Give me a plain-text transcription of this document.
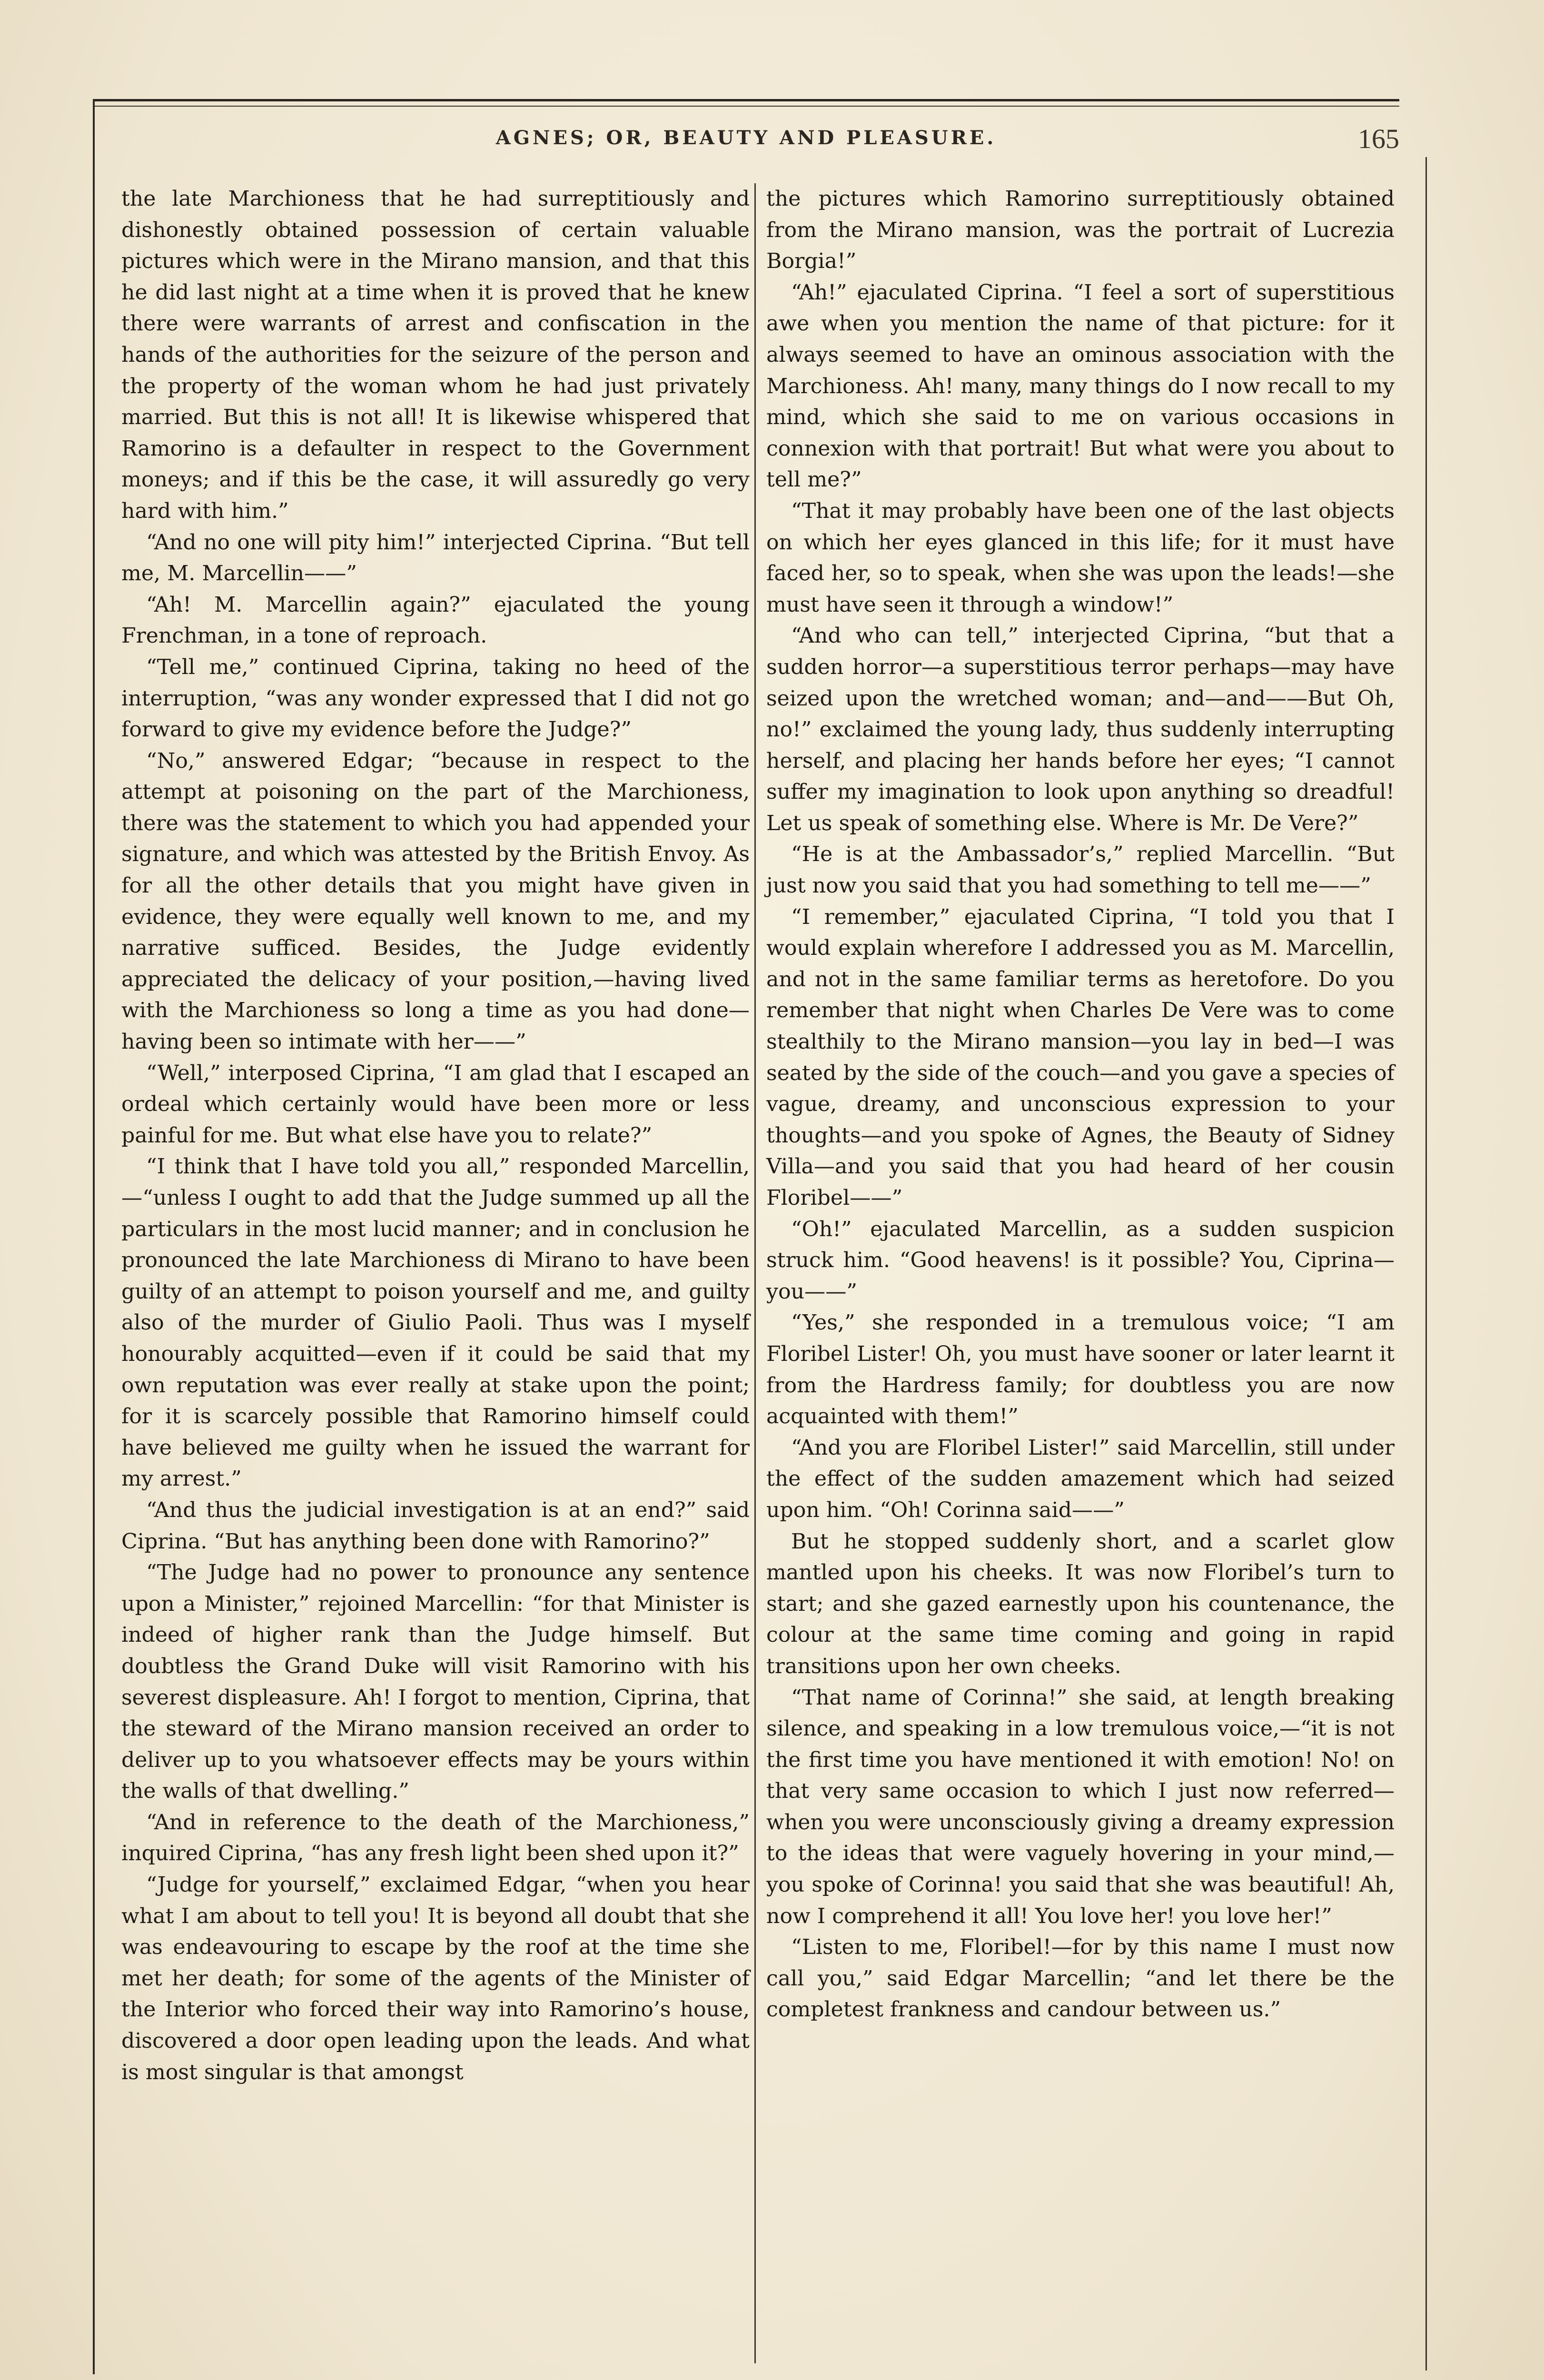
AGNES; OR, BEAUTY AND PLEASURE.	165

the late Marchioness that he had surreptitiously and dishonestly obtained possession of certain valuable pictures which were in the Mirano mansion, and that this he did last night at a time when it is proved that he knew there were warrants of arrest and confiscation in the hands of the authorities for the seizure of the person and the property of the woman whom he had just privately married. But this is not all! It is likewise whispered that Ramorino is a defaulter in respect to the Government moneys; and if this be the case, it will assuredly go very hard with him.”

“And no one will pity him!” interjected Ciprina. “But tell me, M. Marcellin——”

“Ah! M. Marcellin again?” ejaculated the young Frenchman, in a tone of reproach.

“Tell me,” continued Ciprina, taking no heed of the interruption, “was any wonder expressed that I did not go forward to give my evidence before the Judge?”

“No,” answered Edgar; “because in respect to the attempt at poisoning on the part of the Marchioness, there was the statement to which you had appended your signature, and which was attested by the British Envoy. As for all the other details that you might have given in evidence, they were equally well known to me, and my narrative sufficed. Besides, the Judge evidently appreciated the delicacy of your position,—having lived with the Marchioness so long a time as you had done—having been so intimate with her——”

“Well,” interposed Ciprina, “I am glad that I escaped an ordeal which certainly would have been more or less painful for me. But what else have you to relate?”

“I think that I have told you all,” responded Marcellin,—“unless I ought to add that the Judge summed up all the particulars in the most lucid manner; and in conclusion he pronounced the late Marchioness di Mirano to have been guilty of an attempt to poison yourself and me, and guilty also of the murder of Giulio Paoli. Thus was I myself honourably acquitted—even if it could be said that my own reputation was ever really at stake upon the point; for it is scarcely possible that Ramorino himself could have believed me guilty when he issued the warrant for my arrest.”

“And thus the judicial investigation is at an end?” said Ciprina. “But has anything been done with Ramorino?”

“The Judge had no power to pronounce any sentence upon a Minister,” rejoined Marcellin: “for that Minister is indeed of higher rank than the Judge himself. But doubtless the Grand Duke will visit Ramorino with his severest displeasure. Ah! I forgot to mention, Ciprina, that the steward of the Mirano mansion received an order to deliver up to you whatsoever effects may be yours within the walls of that dwelling.”

“And in reference to the death of the Marchioness,” inquired Ciprina, “has any fresh light been shed upon it?”

“Judge for yourself,” exclaimed Edgar, “when you hear what I am about to tell you! It is beyond all doubt that she was endeavouring to escape by the roof at the time she met her death; for some of the agents of the Minister of the Interior who forced their way into Ramorino’s house, discovered a door open leading upon the leads. And what is most singular is that amongst

the pictures which Ramorino surreptitiously obtained from the Mirano mansion, was the portrait of Lucrezia Borgia!”

“Ah!” ejaculated Ciprina. “I feel a sort of superstitious awe when you mention the name of that picture: for it always seemed to have an ominous association with the Marchioness. Ah! many, many things do I now recall to my mind, which she said to me on various occasions in connexion with that portrait! But what were you about to tell me?”

“That it may probably have been one of the last objects on which her eyes glanced in this life; for it must have faced her, so to speak, when she was upon the leads!—she must have seen it through a window!”

“And who can tell,” interjected Ciprina, “but that a sudden horror—a superstitious terror perhaps—may have seized upon the wretched woman; and—and——But Oh, no!” exclaimed the young lady, thus suddenly interrupting herself, and placing her hands before her eyes; “I cannot suffer my imagination to look upon anything so dreadful! Let us speak of something else. Where is Mr. De Vere?”

“He is at the Ambassador’s,” replied Marcellin. “But just now you said that you had something to tell me——”

“I remember,” ejaculated Ciprina, “I told you that I would explain wherefore I addressed you as M. Marcellin, and not in the same familiar terms as heretofore. Do you remember that night when Charles De Vere was to come stealthily to the Mirano mansion—you lay in bed—I was seated by the side of the couch—and you gave a species of vague, dreamy, and unconscious expression to your thoughts—and you spoke of Agnes, the Beauty of Sidney Villa—and you said that you had heard of her cousin Floribel——”

“Oh!” ejaculated Marcellin, as a sudden suspicion struck him. “Good heavens! is it possible? You, Ciprina—you——”

“Yes,” she responded in a tremulous voice; “I am Floribel Lister! Oh, you must have sooner or later learnt it from the Hardress family; for doubtless you are now acquainted with them!”

“And you are Floribel Lister!” said Marcellin, still under the effect of the sudden amazement which had seized upon him. “Oh! Corinna said——”

But he stopped suddenly short, and a scarlet glow mantled upon his cheeks. It was now Floribel’s turn to start; and she gazed earnestly upon his countenance, the colour at the same time coming and going in rapid transitions upon her own cheeks.

“That name of Corinna!” she said, at length breaking silence, and speaking in a low tremulous voice,—“it is not the first time you have mentioned it with emotion! No! on that very same occasion to which I just now referred—when you were unconsciously giving a dreamy expression to the ideas that were vaguely hovering in your mind,—you spoke of Corinna! you said that she was beautiful! Ah, now I comprehend it all! You love her! you love her!”

“Listen to me, Floribel!—for by this name I must now call you,” said Edgar Marcellin; “and let there be the completest frankness and candour between us.”
